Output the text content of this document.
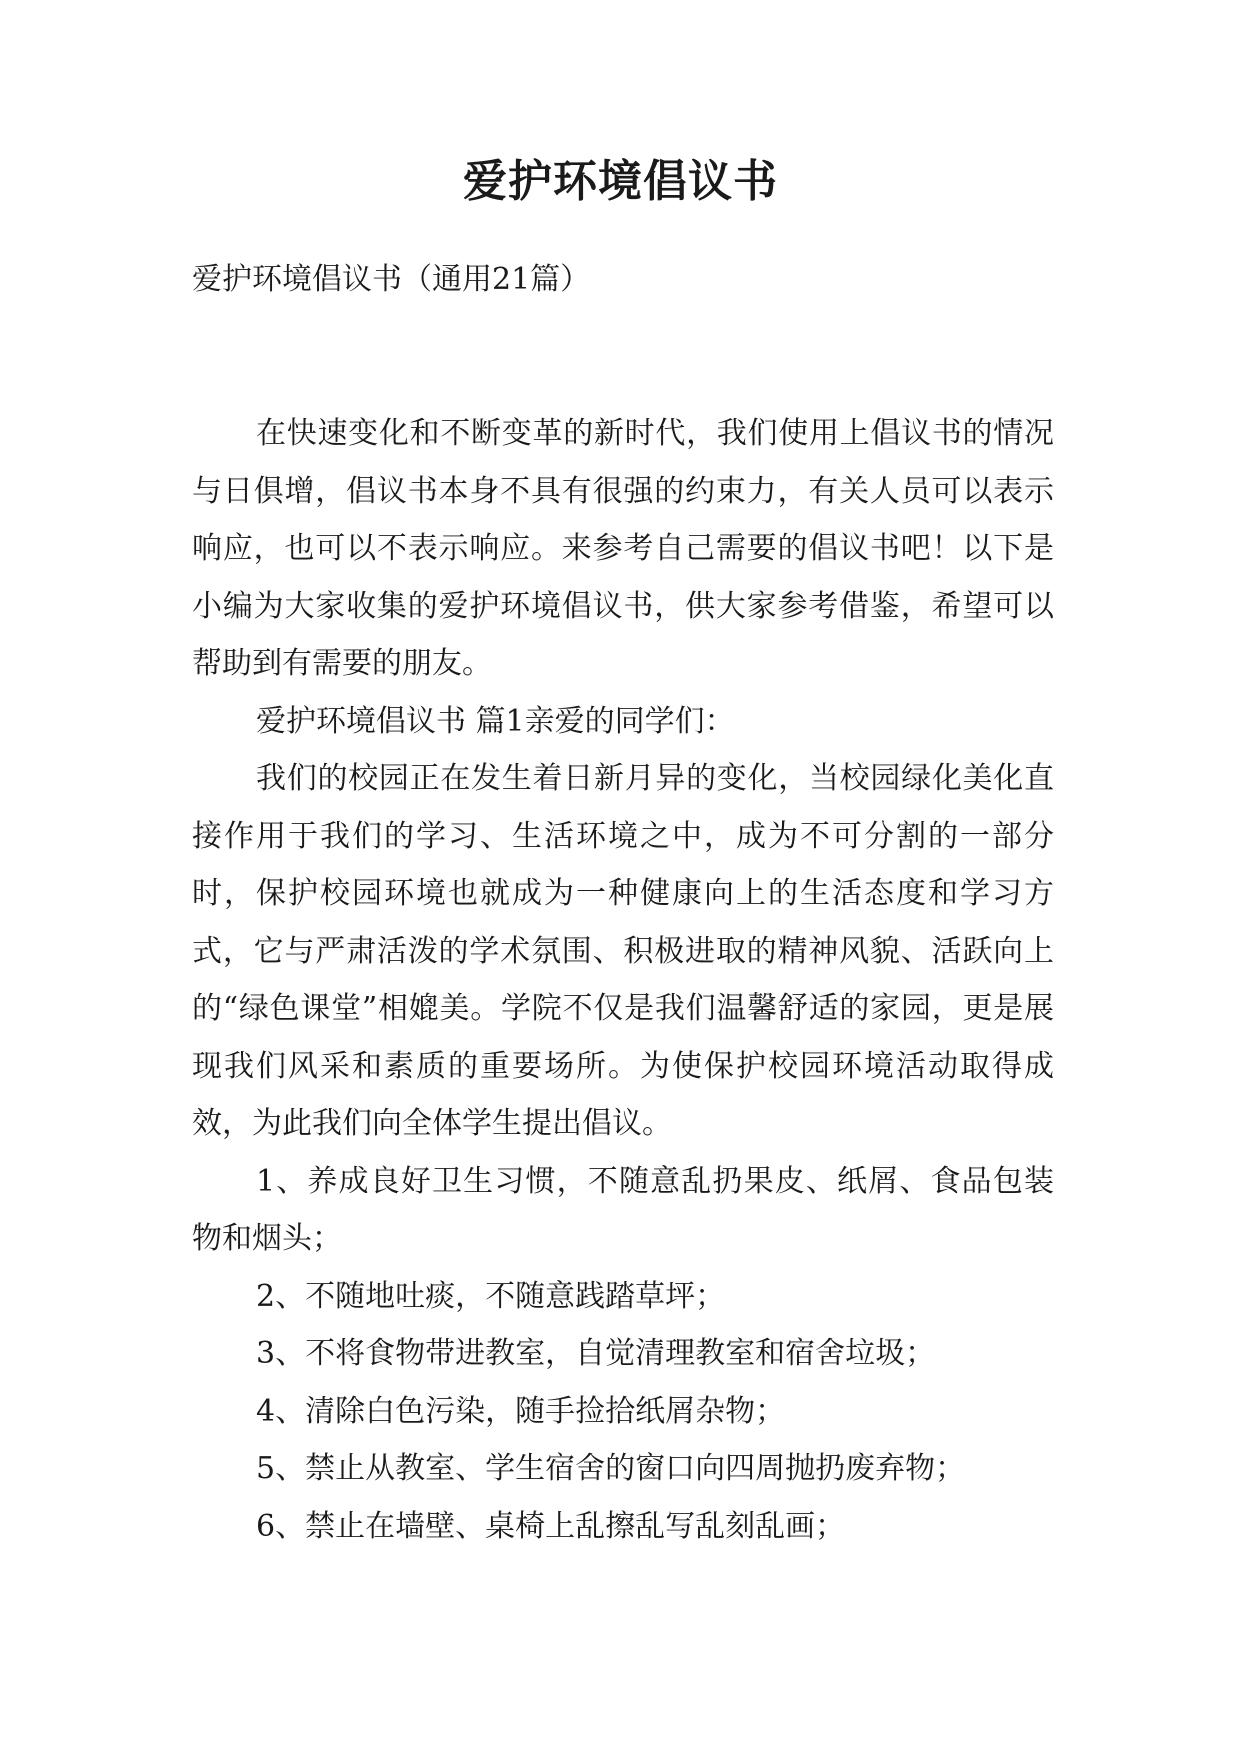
爱护环境倡议书

爱护环境倡议书（通用21篇）

在快速变化和不断变革的新时代，我们使用上倡议书的情况与日俱增，倡议书本身不具有很强的约束力，有关人员可以表示响应，也可以不表示响应。来参考自己需要的倡议书吧！以下是小编为大家收集的爱护环境倡议书，供大家参考借鉴，希望可以帮助到有需要的朋友。

爱护环境倡议书 篇1亲爱的同学们：

我们的校园正在发生着日新月异的变化，当校园绿化美化直接作用于我们的学习、生活环境之中，成为不可分割的一部分时，保护校园环境也就成为一种健康向上的生活态度和学习方式，它与严肃活泼的学术氛围、积极进取的精神风貌、活跃向上的“绿色课堂”相媲美。学院不仅是我们温馨舒适的家园，更是展现我们风采和素质的重要场所。为使保护校园环境活动取得成效，为此我们向全体学生提出倡议。

1、养成良好卫生习惯，不随意乱扔果皮、纸屑、食品包装物和烟头；

2、不随地吐痰，不随意践踏草坪；

3、不将食物带进教室，自觉清理教室和宿舍垃圾；

4、清除白色污染，随手捡拾纸屑杂物；

5、禁止从教室、学生宿舍的窗口向四周抛扔废弃物；

6、禁止在墙壁、桌椅上乱擦乱写乱刻乱画；
